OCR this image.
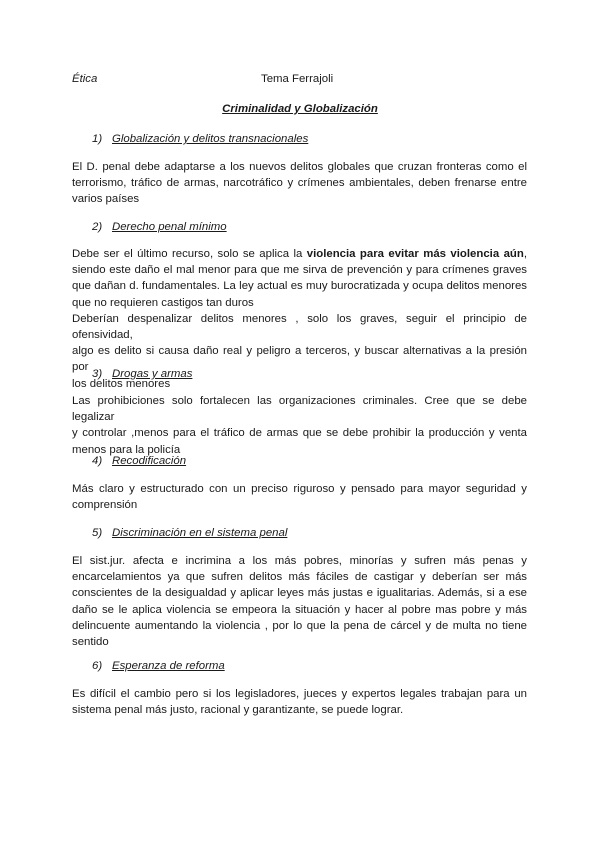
Ética	Tema Ferrajoli
Criminalidad y Globalización
1) Globalización y delitos transnacionales
El D. penal debe adaptarse a los nuevos delitos globales que cruzan fronteras como el
terrorismo, tráfico de armas, narcotráfico y crímenes ambientales, deben frenarse entre
varios países
2) Derecho penal mínimo
Debe ser el último recurso, solo se aplica la violencia para evitar más violencia aún,
siendo este daño el mal menor para que me sirva de prevención y para crímenes graves
que dañan d. fundamentales. La ley actual es muy burocratizada y ocupa delitos menores
que no requieren castigos tan duros
Deberían despenalizar delitos menores , solo los graves, seguir el principio de ofensividad,
algo es delito si causa daño real y peligro a terceros, y buscar alternativas a la presión por
los delitos menores
3) Drogas y armas
Las prohibiciones solo fortalecen las organizaciones criminales. Cree que se debe legalizar
y controlar ,menos para el tráfico de armas que se debe prohibir la producción y venta
menos para la policía
4) Recodificación
Más claro y estructurado con un preciso riguroso y pensado para mayor seguridad y
comprensión
5) Discriminación en el sistema penal
El sist.jur. afecta e incrimina a los más pobres, minorías y sufren más penas y
encarcelamientos ya que sufren delitos más fáciles de castigar y deberían ser más
conscientes de la desigualdad y aplicar leyes más justas e igualitarias. Además, si a ese
daño se le aplica violencia se empeora la situación y hacer al pobre mas pobre y más
delincuente aumentando la violencia , por lo que la pena de cárcel y de multa no tiene
sentido
6) Esperanza de reforma
Es difícil el cambio pero si los legisladores, jueces y expertos legales trabajan para un
sistema penal más justo, racional y garantizante, se puede lograr.
